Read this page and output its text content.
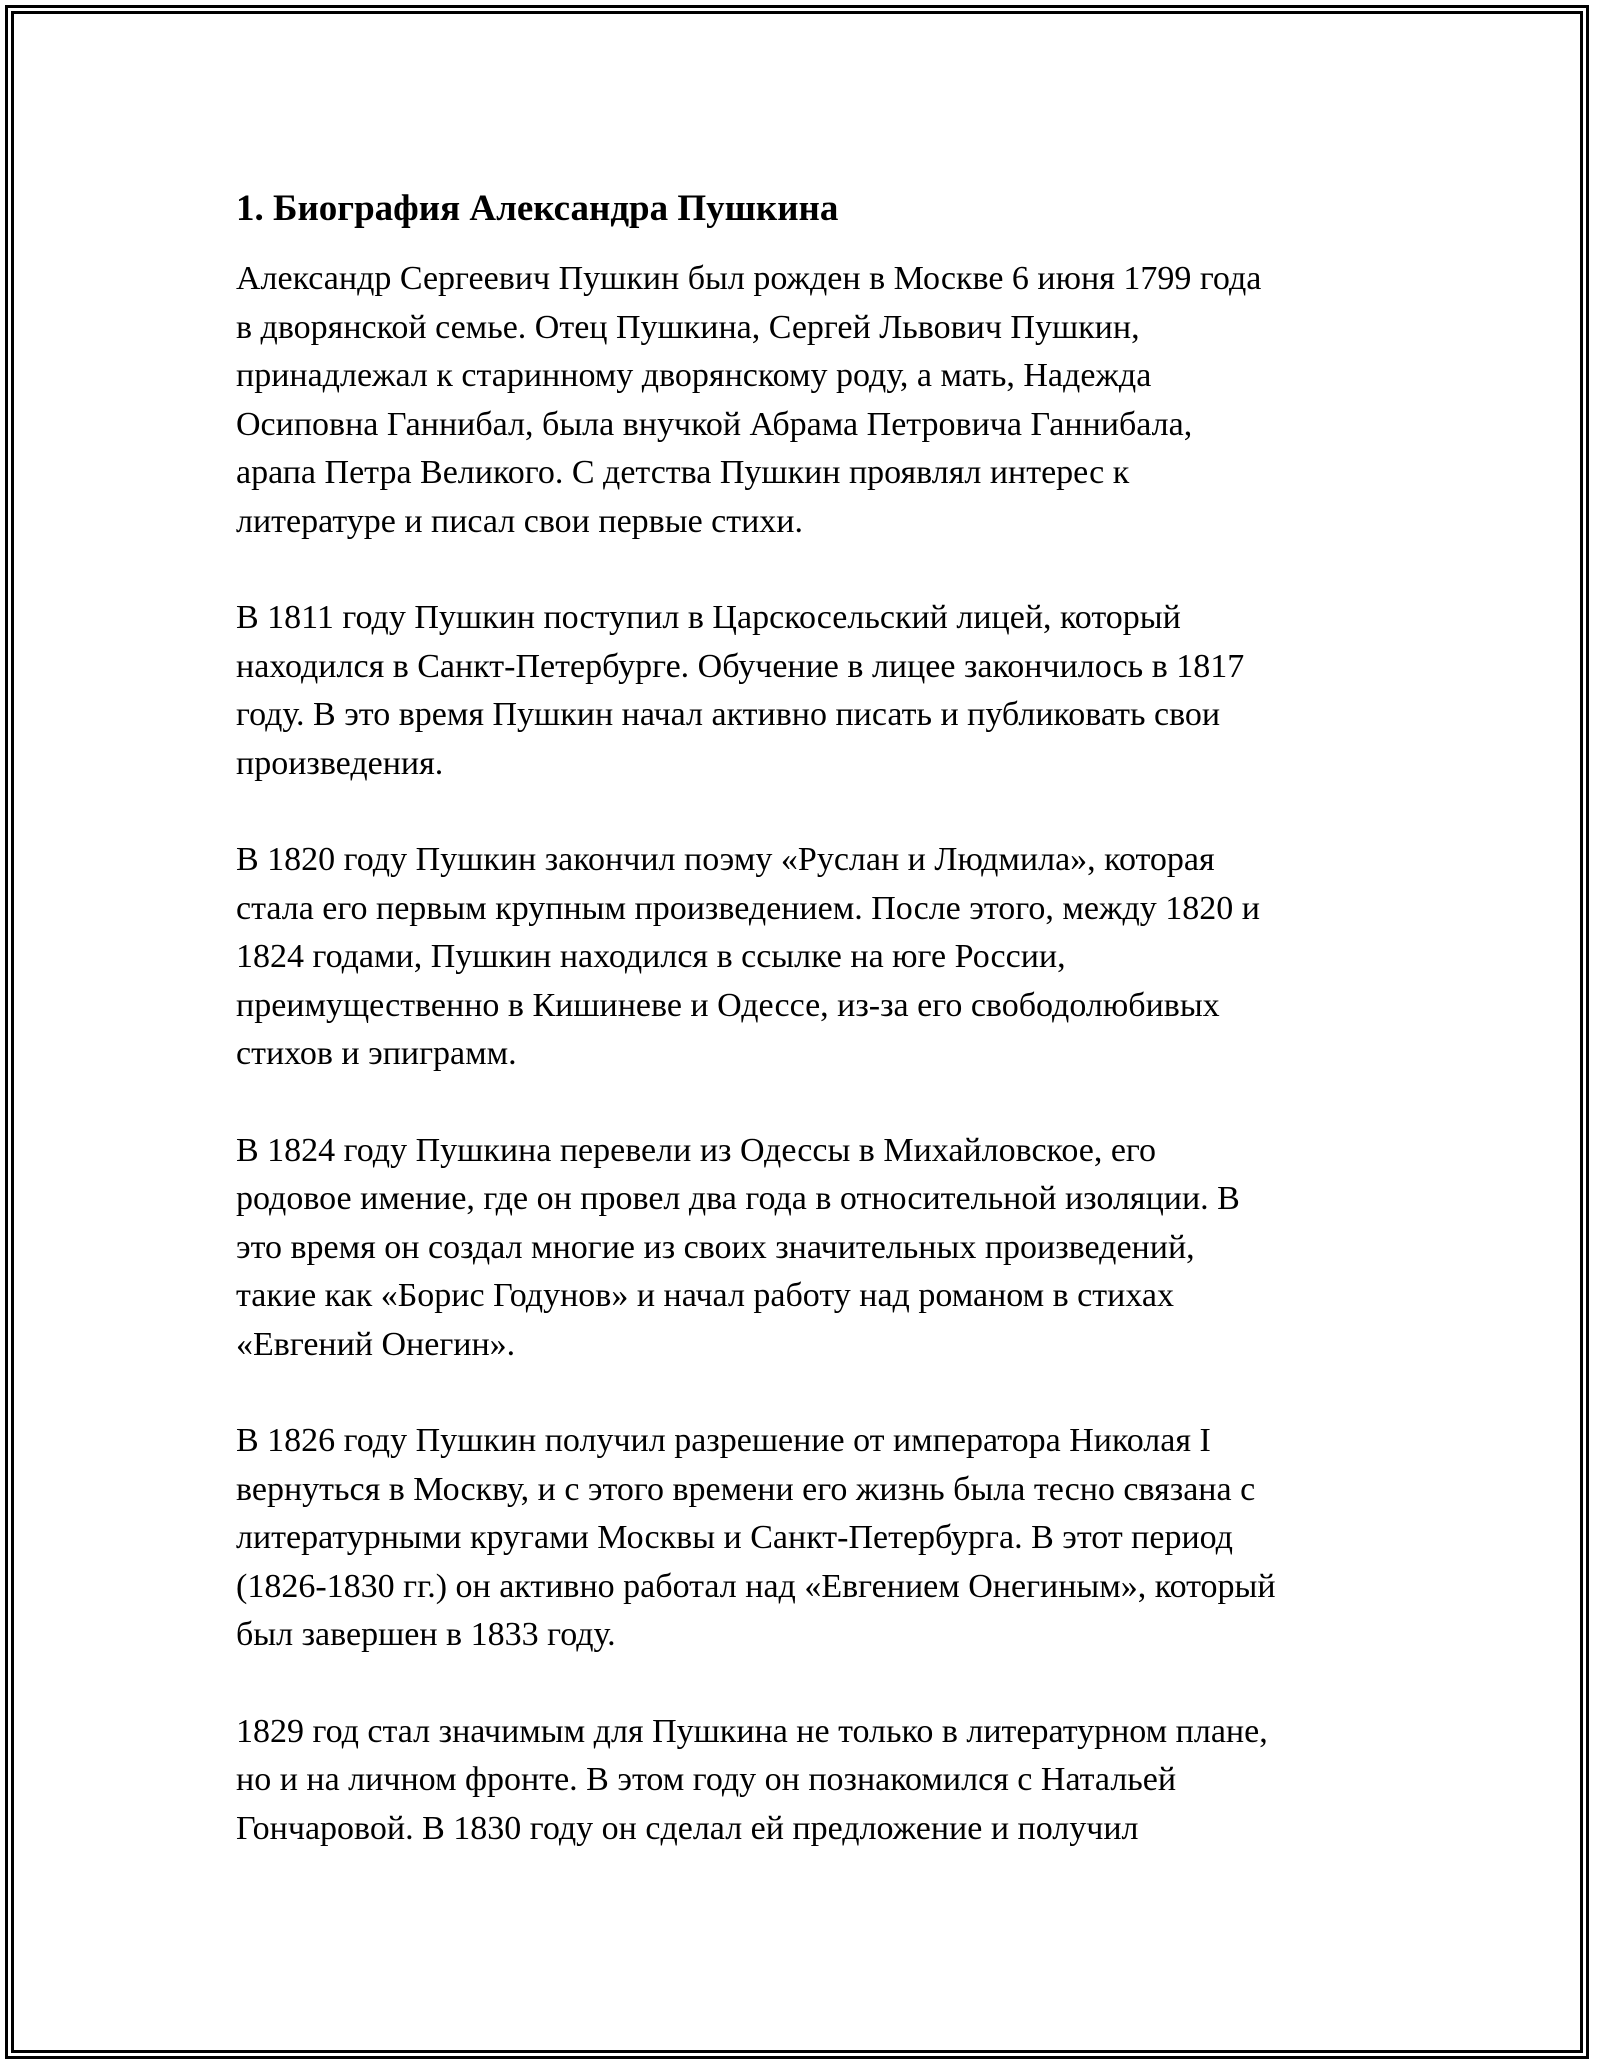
1. Биография Александра Пушкина
Александр Сергеевич Пушкин был рожден в Москве 6 июня 1799 года
в дворянской семье. Отец Пушкина, Сергей Львович Пушкин,
принадлежал к старинному дворянскому роду, а мать, Надежда
Осиповна Ганнибал, была внучкой Абрама Петровича Ганнибала,
арапа Петра Великого. С детства Пушкин проявлял интерес к
литературе и писал свои первые стихи.
В 1811 году Пушкин поступил в Царскосельский лицей, который
находился в Санкт-Петербурге. Обучение в лицее закончилось в 1817
году. В это время Пушкин начал активно писать и публиковать свои
произведения.
В 1820 году Пушкин закончил поэму «Руслан и Людмила», которая
стала его первым крупным произведением. После этого, между 1820 и
1824 годами, Пушкин находился в ссылке на юге России,
преимущественно в Кишиневе и Одессе, из-за его свободолюбивых
стихов и эпиграмм.
В 1824 году Пушкина перевели из Одессы в Михайловское, его
родовое имение, где он провел два года в относительной изоляции. В
это время он создал многие из своих значительных произведений,
такие как «Борис Годунов» и начал работу над романом в стихах
«Евгений Онегин».
В 1826 году Пушкин получил разрешение от императора Николая I
вернуться в Москву, и с этого времени его жизнь была тесно связана с
литературными кругами Москвы и Санкт-Петербурга. В этот период
(1826-1830 гг.) он активно работал над «Евгением Онегиным», который
был завершен в 1833 году.
1829 год стал значимым для Пушкина не только в литературном плане,
но и на личном фронте. В этом году он познакомился с Натальей
Гончаровой. В 1830 году он сделал ей предложение и получил
